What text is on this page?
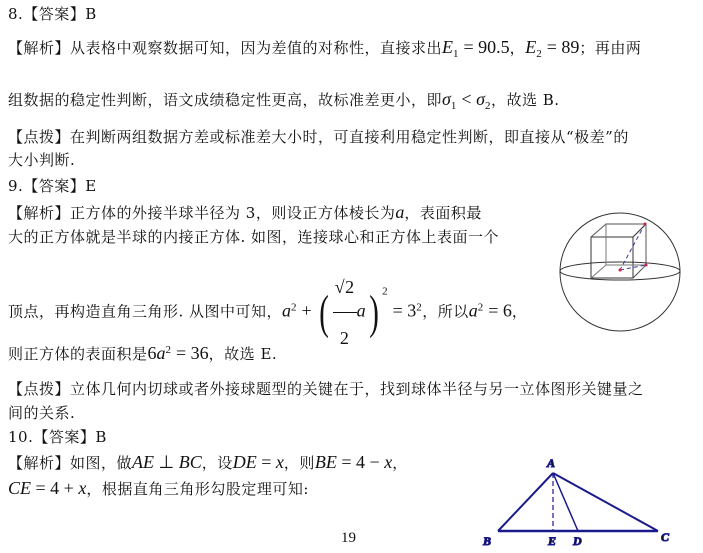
8.【答案】B
【解析】从表格中观察数据可知，因为差值的对称性，直接求出$E_1 = 90.5$，$E_2 = 89$；再由两
组数据的稳定性判断，语文成绩稳定性更高，故标准差更小，即$\sigma_1 < \sigma_2$，故选 B.
【点拨】在判断两组数据方差或标准差大小时，可直接利用稳定性判断，即直接从“极差”的
大小判断.
9.【答案】E
【解析】正方体的外接半球半径为 3，则设正方体棱长为a，表面积最
大的正方体就是半球的内接正方体. 如图，连接球心和正方体上表面一个
顶点，再构造直角三角形. 从图中可知，$a^2$ + ( $\frac{√2}{2} a$) $^2 = 3^2$，所以$a^2 = 6$，
则正方体的表面积是$6a^2 = 36$，故选 E.
【点拨】立体几何内切球或者外接球题型的关键在于，找到球体半径与另一立体图形关键量之
间的关系.
10.【答案】B
【解析】如图，做AE ⊥ BC，设DE = x，则BE = 4 − x，
CE = 4 + x，根据直角三角形勾股定理可知:
19
A
B	E D	C
